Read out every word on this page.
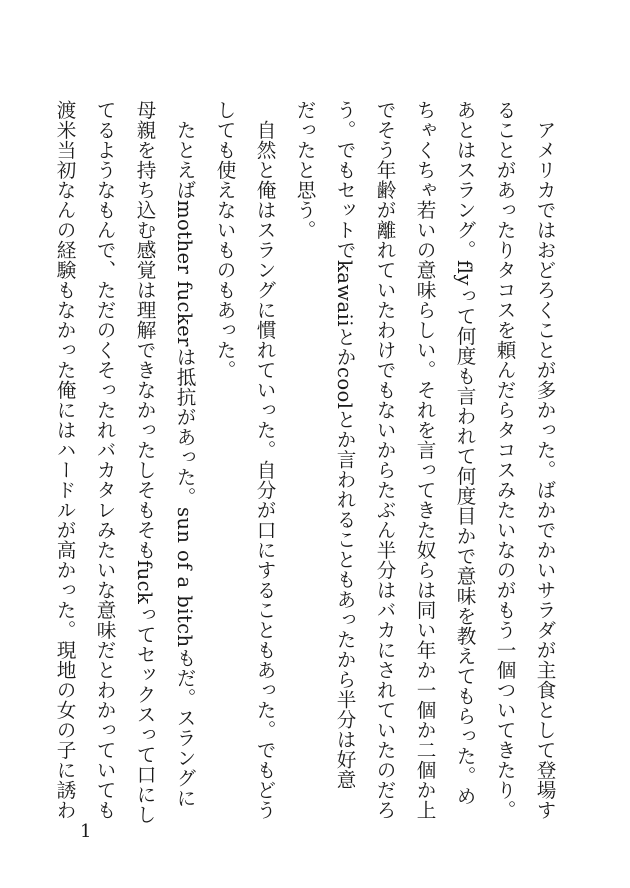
　アメリカではおどろくことが多かった。ばかでかいサラダが主食として登場す
ることがあったりタコスを頼んだらタコスみたいなのがもう一個ついてきたり。
あとはスラング。flyって何度も言われて何度目かで意味を教えてもらった。め
ちゃくちゃ若いの意味らしい。それを言ってきた奴らは同い年か一個か二個か上
でそう年齢が離れていたわけでもないからたぶん半分はバカにされていたのだろ
う。でもセットでkawaiiとかcoolとか言われることもあったから半分は好意
だったと思う。
　自然と俺はスラングに慣れていった。自分が口にすることもあった。でもどう
しても使えないものもあった。
　たとえばmother fuckerは抵抗があった。sun of a bitchもだ。スラングに
母親を持ち込む感覚は理解できなかったしそもそもfuckってセックスって口にし
てるようなもんで、ただのくそったれバカタレみたいな意味だとわかっていても
渡米当初なんの経験もなかった俺にはハードルが高かった。現地の女の子に誘わ
1
